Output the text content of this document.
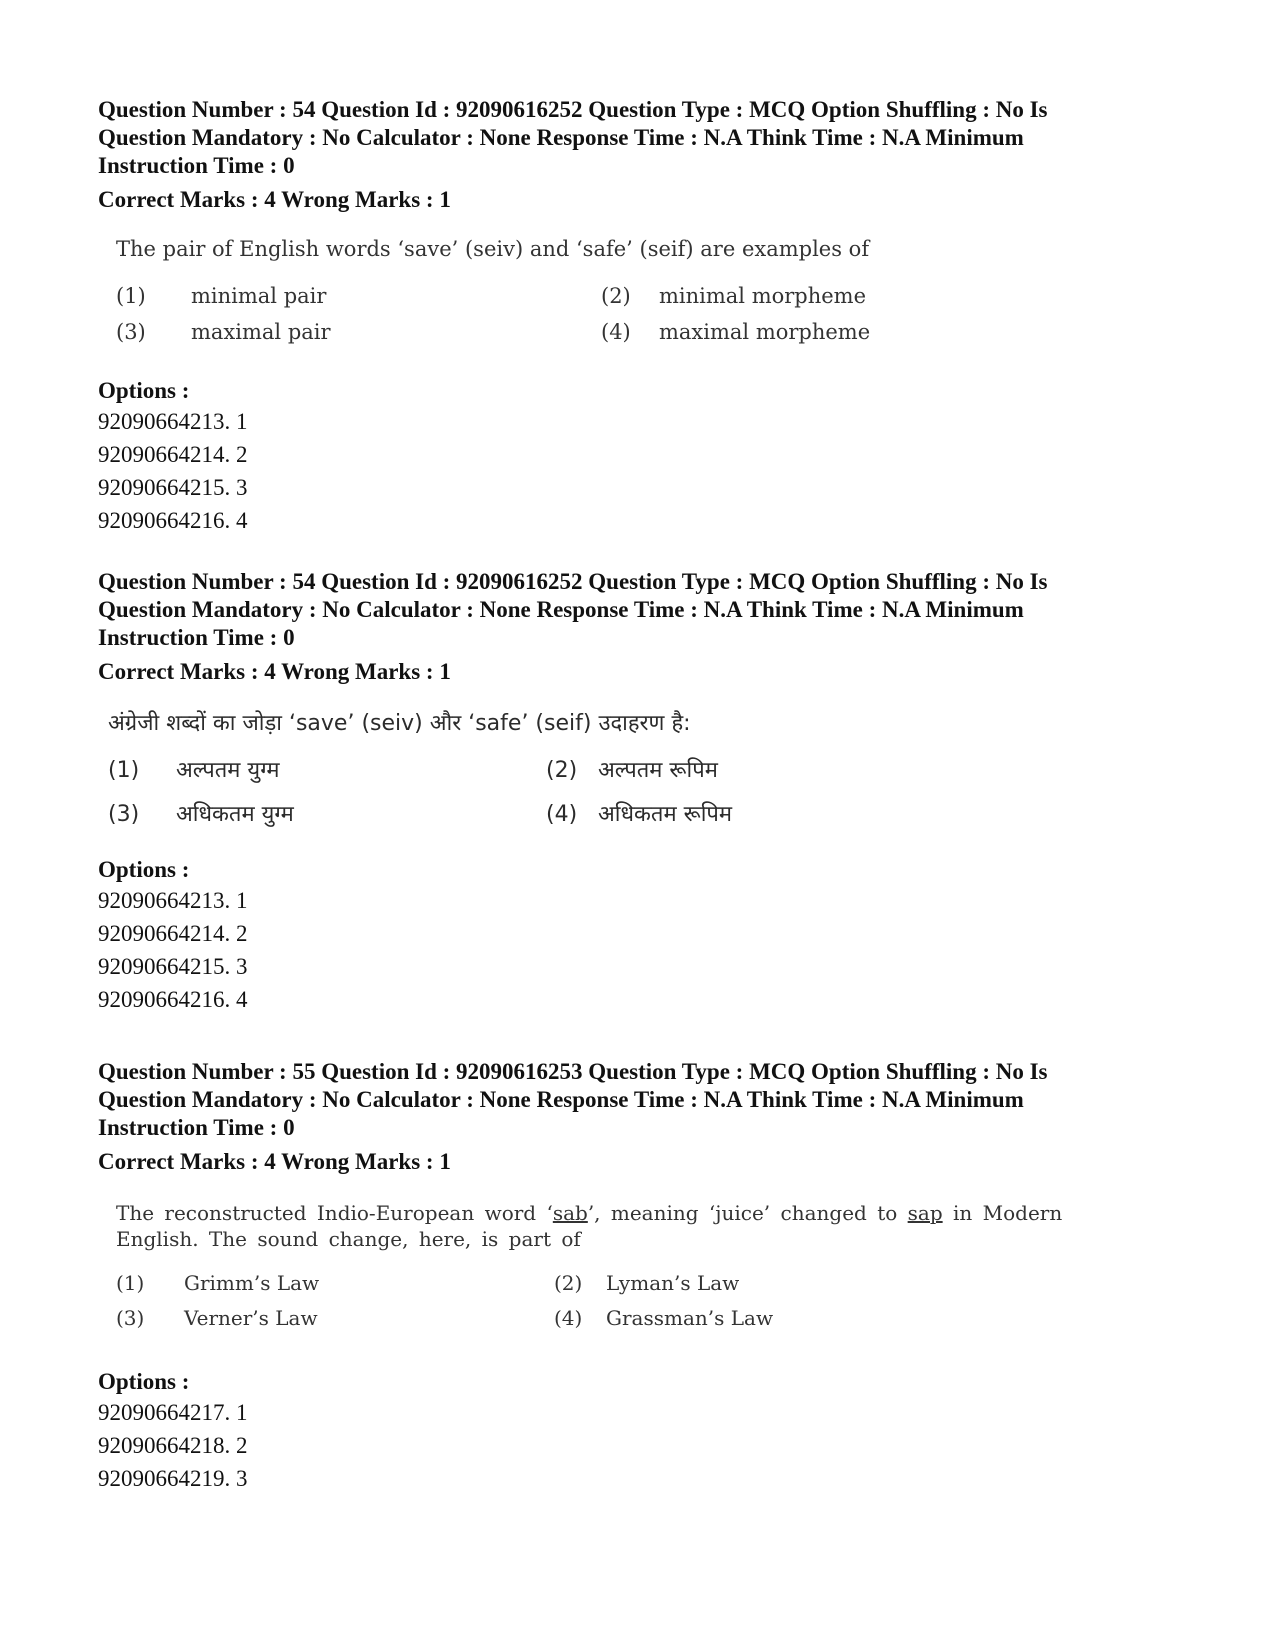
Question Number : 54 Question Id : 92090616252 Question Type : MCQ Option Shuffling : No Is

Question Mandatory : No Calculator : None Response Time : N.A Think Time : N.A Minimum

Instruction Time : 0

Correct Marks : 4 Wrong Marks : 1

The pair of English words ‘save’ (seiv) and ‘safe’ (seif) are examples of

(1) minimal pair	(2) minimal morpheme
(3) maximal pair	(4) maximal morpheme

Options :

92090664213. 1

92090664214. 2

92090664215. 3

92090664216. 4

Question Number : 54 Question Id : 92090616252 Question Type : MCQ Option Shuffling : No Is

Question Mandatory : No Calculator : None Response Time : N.A Think Time : N.A Minimum

Instruction Time : 0

Correct Marks : 4 Wrong Marks : 1

अंग्रेजी शब्दों का जोड़ा ‘save’ (seiv) और ‘safe’ (seif) उदाहरण है:

(1) अल्पतम युग्म	(2) अल्पतम रूपिम
(3) अधिकतम युग्म	(4) अधिकतम रूपिम

Options :

92090664213. 1

92090664214. 2

92090664215. 3

92090664216. 4

Question Number : 55 Question Id : 92090616253 Question Type : MCQ Option Shuffling : No Is

Question Mandatory : No Calculator : None Response Time : N.A Think Time : N.A Minimum

Instruction Time : 0

Correct Marks : 4 Wrong Marks : 1

The reconstructed Indio-European word ‘sab’, meaning ‘juice’ changed to sap in Modern
English. The sound change, here, is part of

(1) Grimm’s Law	(2) Lyman’s Law
(3) Verner’s Law	(4) Grassman’s Law

Options :

92090664217. 1

92090664218. 2

92090664219. 3
